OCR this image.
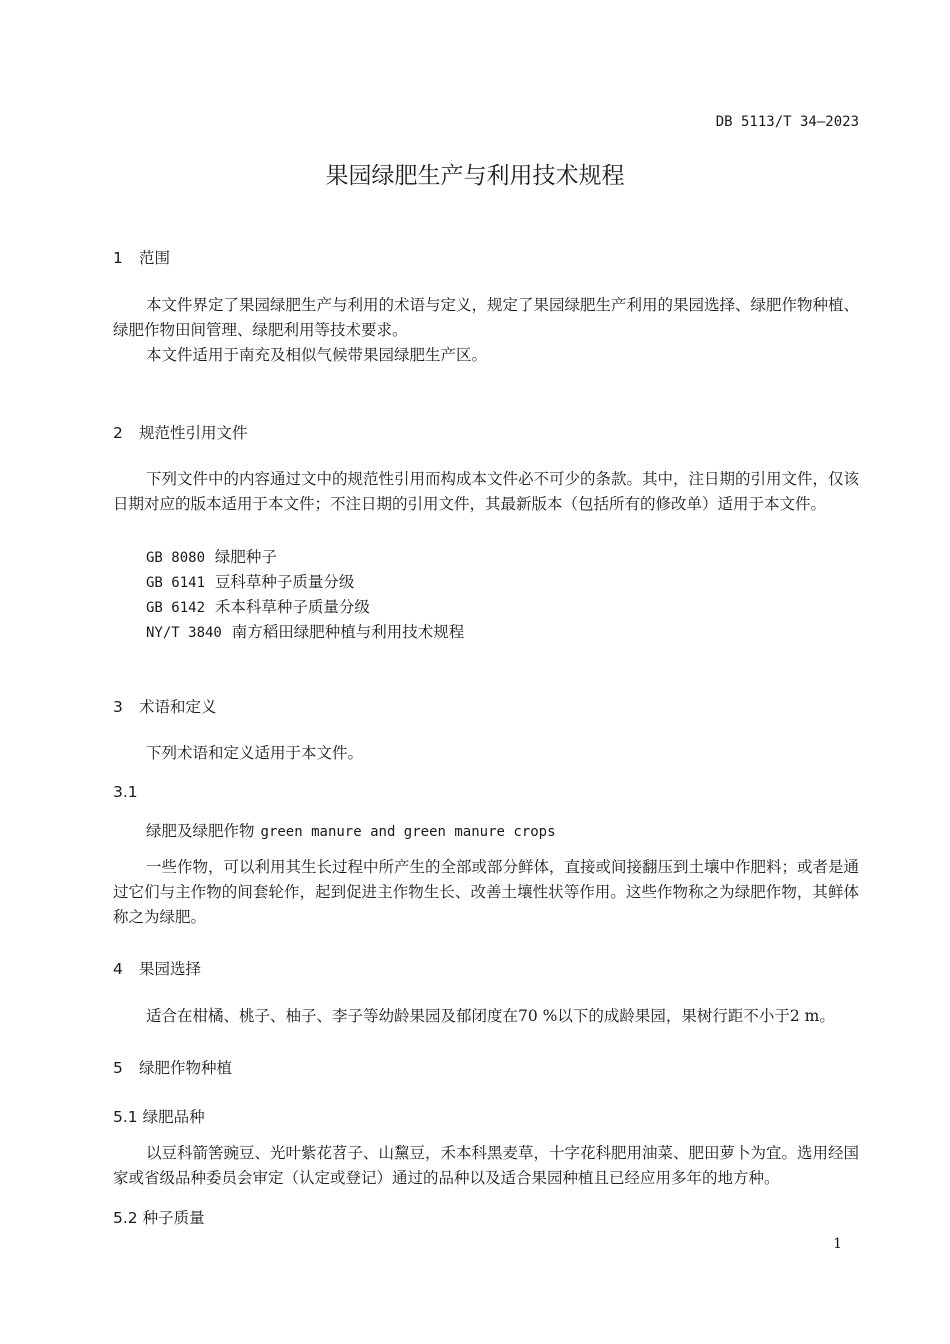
DB 5113/T 34—2023
果园绿肥生产与利用技术规程
1 范围
本文件界定了果园绿肥生产与利用的术语与定义，规定了果园绿肥生产利用的果园选择、绿肥作物种植、绿肥作物田间管理、绿肥利用等技术要求。
本文件适用于南充及相似气候带果园绿肥生产区。
2 规范性引用文件
下列文件中的内容通过文中的规范性引用而构成本文件必不可少的条款。其中，注日期的引用文件，仅该日期对应的版本适用于本文件；不注日期的引用文件，其最新版本（包括所有的修改单）适用于本文件。
GB 8080 绿肥种子
GB 6141 豆科草种子质量分级
GB 6142 禾本科草种子质量分级
NY/T 3840 南方稻田绿肥种植与利用技术规程
3 术语和定义
下列术语和定义适用于本文件。
3.1
绿肥及绿肥作物 green manure and green manure crops
一些作物，可以利用其生长过程中所产生的全部或部分鲜体，直接或间接翻压到土壤中作肥料；或者是通过它们与主作物的间套轮作，起到促进主作物生长、改善土壤性状等作用。这些作物称之为绿肥作物，其鲜体称之为绿肥。
4 果园选择
适合在柑橘、桃子、柚子、李子等幼龄果园及郁闭度在70 %以下的成龄果园，果树行距不小于2 m。
5 绿肥作物种植
5.1 绿肥品种
以豆科箭筈豌豆、光叶紫花苕子、山黧豆，禾本科黑麦草，十字花科肥用油菜、肥田萝卜为宜。选用经国家或省级品种委员会审定（认定或登记）通过的品种以及适合果园种植且已经应用多年的地方种。
5.2 种子质量
1
